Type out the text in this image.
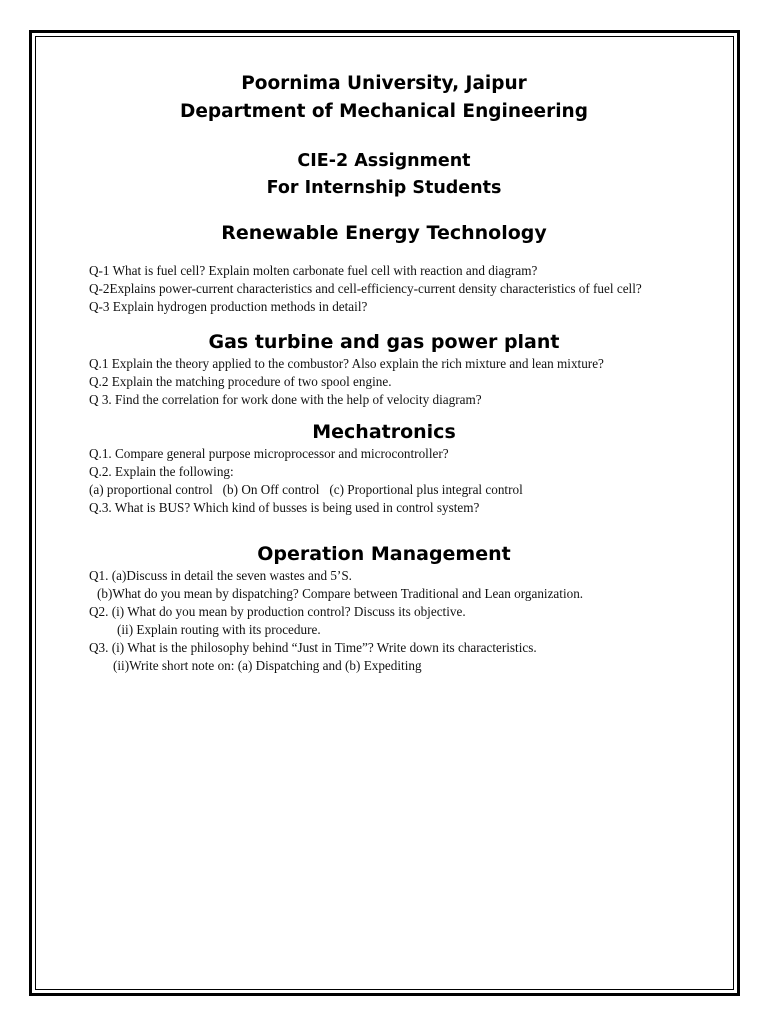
Poornima University, Jaipur

Department of Mechanical Engineering

CIE-2 Assignment

For Internship Students

Renewable Energy Technology

Q-1 What is fuel cell? Explain molten carbonate fuel cell with reaction and diagram?

Q-2Explains power-current characteristics and cell-efficiency-current density characteristics of fuel cell?

Q-3 Explain hydrogen production methods in detail?

Gas turbine and gas power plant

Q.1 Explain the theory applied to the combustor? Also explain the rich mixture and lean mixture?

Q.2 Explain the matching procedure of two spool engine.

Q 3. Find the correlation for work done with the help of velocity diagram?

Mechatronics

Q.1. Compare general purpose microprocessor and microcontroller?

Q.2. Explain the following:

(a) proportional control   (b) On Off control   (c) Proportional plus integral control

Q.3. What is BUS? Which kind of busses is being used in control system?

Operation Management

Q1. (a)Discuss in detail the seven wastes and 5’S.

(b)What do you mean by dispatching? Compare between Traditional and Lean organization.

Q2. (i) What do you mean by production control? Discuss its objective.

(ii) Explain routing with its procedure.

Q3. (i) What is the philosophy behind “Just in Time”? Write down its characteristics.

(ii)Write short note on: (a) Dispatching and (b) Expediting
